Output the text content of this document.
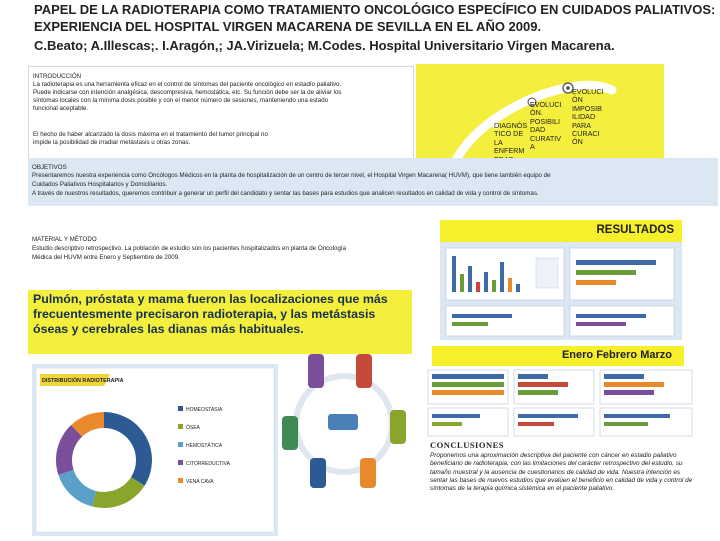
PAPEL DE LA RADIOTERAPIA COMO TRATAMIENTO ONCOLÓGICO ESPECÍFICO EN CUIDADOS PALIATIVOS:
EXPERIENCIA DEL HOSPITAL VIRGEN MACARENA DE SEVILLA EN EL AÑO 2009.
C.Beato; A.Illescas;. I.Aragón,; JA.Virizuela; M.Codes. Hospital Universitario Virgen Macarena.
INTRODUCCIÓN
La radioterapia es una herramienta eficaz en el control de síntomas del paciente oncológico en estadío paliativo.
Puede indicarse con intención analgésica, descompresiva, hemostática, etc. Su función debe ser la de aliviar los
síntomas locales con la mínima dosis posible y con el menor número de sesiones, manteniendo una estado
funcional aceptable.
El hecho de haber alcanzado la dosis máxima en el tratamiento del tumor principal no
impide la posibilidad de irradiar metástasis u otras zonas.
DIAGNÓS
TICO DE
LA
ENFERM
EVOLUCI
ÓN.
POSIBILI
DAD
CURATIV
A
EVOLUCI
ÓN
IMPOSIB
ILIDAD
PARA
CURACI
ÓN
OBJETIVOS
Presentaremos nuestra experiencia como Oncólogos Médicos en la planta de hospitalización de un centro de tercer nivel, el Hospital Virgen Macarena( HUVM), que tiene también equipo de
Cuidados Paliativos Hospitalarios y Domiciliarios.
A través de nuestros resultados, queremos contribuir a generar un perfil del candidato y sentar las bases para estudios que analicen resultados en calidad de vida y control de síntomas.
MATERIAL Y MÉTODO
Estudio descriptivo retrospectivo. La población de estudio son los pacientes hospitalizados en planta de Oncología
Médica del HUVM entre Enero y Septiembre de 2009.
RESULTADOS
Pulmón, próstata y mama fueron las localizaciones que más frecuentesmente precisaron radioterapia, y las metástasis óseas y cerebrales las dianas más habituales.
Enero Febrero Marzo
DISTRIBUCIÓN RADIOTERAPIA
HOMEOSTASIA
ÓSEA
HEMOSTÁTICA
CITORREDUCTIVA
VENA CAVA
CONCLUSIONES
Proponemos una aproximación descriptiva del paciente con cáncer en estadio paliativo beneficiario de radioterapia, con las limitaciones del carácter retrospectivo del estudio, su tamaño muestral y la ausencia de cuestionarios de calidad de vida. Nuestra intención es sentar las bases de nuevos estudios que evalúen el beneficio en calidad de vida y control de síntomas de la terapia química sistémica en el paciente paliativo.
